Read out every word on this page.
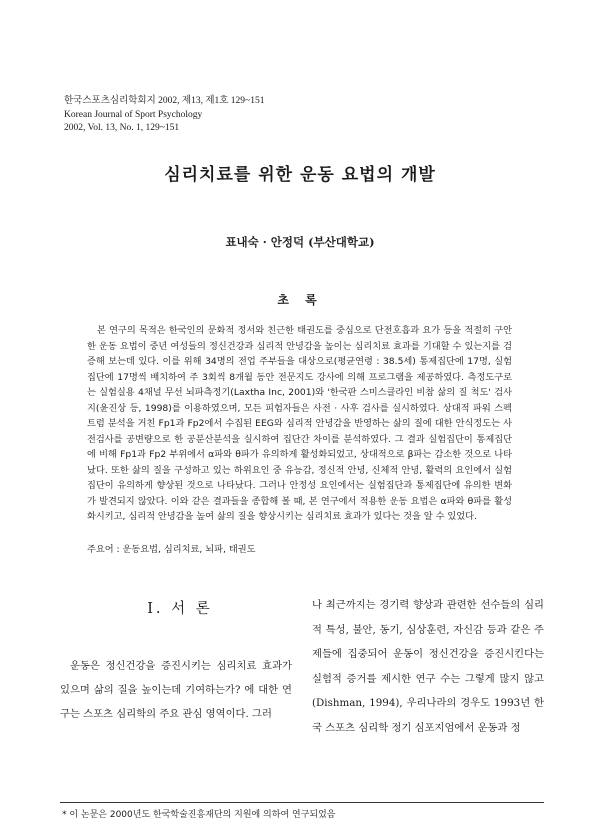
한국스포츠심리학회지 2002, 제13, 제1호 129~151
Korean Journal of Sport Psychology
2002, Vol. 13, No. 1, 129~151
심리치료를 위한 운동 요법의 개발
표내숙 · 안정덕 (부산대학교)
초 록
본 연구의 목적은 한국인의 문화적 정서와 친근한 태권도를 중심으로 단전호흡과 요가 등을 적절히 구안한 운동 요법이 중년 여성들의 정신건강과 심리적 안녕감을 높이는 심리치료 효과를 기대할 수 있는지를 검증해 보는데 있다. 이를 위해 34명의 전업 주부들을 대상으로(평균연령 : 38.5세) 통제집단에 17명, 실험집단에 17명씩 배치하여 주 3회씩 8개월 동안 전문지도 강사에 의해 프로그램을 제공하였다. 측정도구로는 실험실용 4채널 무선 뇌파측정기(Laxtha Inc, 2001)와 '한국판 스미스클라인 비참 삶의 질 척도' 검사지(윤진상 등, 1998)를 이용하였으며, 모든 피험자들은 사전 · 사후 검사를 실시하였다. 상대적 파워 스펙트럼 분석을 거친 Fp1과 Fp2에서 수집된 EEG와 심리적 안녕감을 반영하는 삶의 질에 대한 안식정도는 사전검사를 공변량으로 한 공분산분석을 실시하여 집단간 차이를 분석하였다. 그 결과 실험집단이 통제집단에 비해 Fp1과 Fp2 부위에서 α파와 θ파가 유의하게 활성화되었고, 상대적으로 β파는 감소한 것으로 나타났다. 또한 삶의 질을 구성하고 있는 하위요인 중 유능감, 정신적 안녕, 신체적 안녕, 활력의 요인에서 실험집단이 유의하게 향상된 것으로 나타났다. 그러나 안정성 요인에서는 실험집단과 통제집단에 유의한 변화가 발견되지 않았다. 이와 같은 결과들을 종합해 볼 때, 본 연구에서 적용한 운동 요법은 α파와 θ파를 활성화시키고, 심리적 안녕감을 높여 삶의 질을 향상시키는 심리치료 효과가 있다는 것을 알 수 있었다.
주요어 : 운동요법, 심리치료, 뇌파, 태권도
Ⅰ. 서 론
운동은 정신건강을 증진시키는 심리치료 효과가 있으며 삶의 질을 높이는데 기여하는가? 에 대한 연구는 스포츠 심리학의 주요 관심 영역이다. 그러
나 최근까지는 경기력 향상과 관련한 선수들의 심리적 특성, 불안, 동기, 심상훈련, 자신감 등과 같은 주제들에 집중되어 운동이 정신건강을 증진시킨다는 실험적 증거를 제시한 연구 수는 그렇게 많지 않고(Dishman, 1994), 우리나라의 경우도 1993년 한국 스포츠 심리학 정기 심포지엄에서 운동과 정
* 이 논문은 2000년도 한국학술진흥재단의 지원에 의하여 연구되었음
